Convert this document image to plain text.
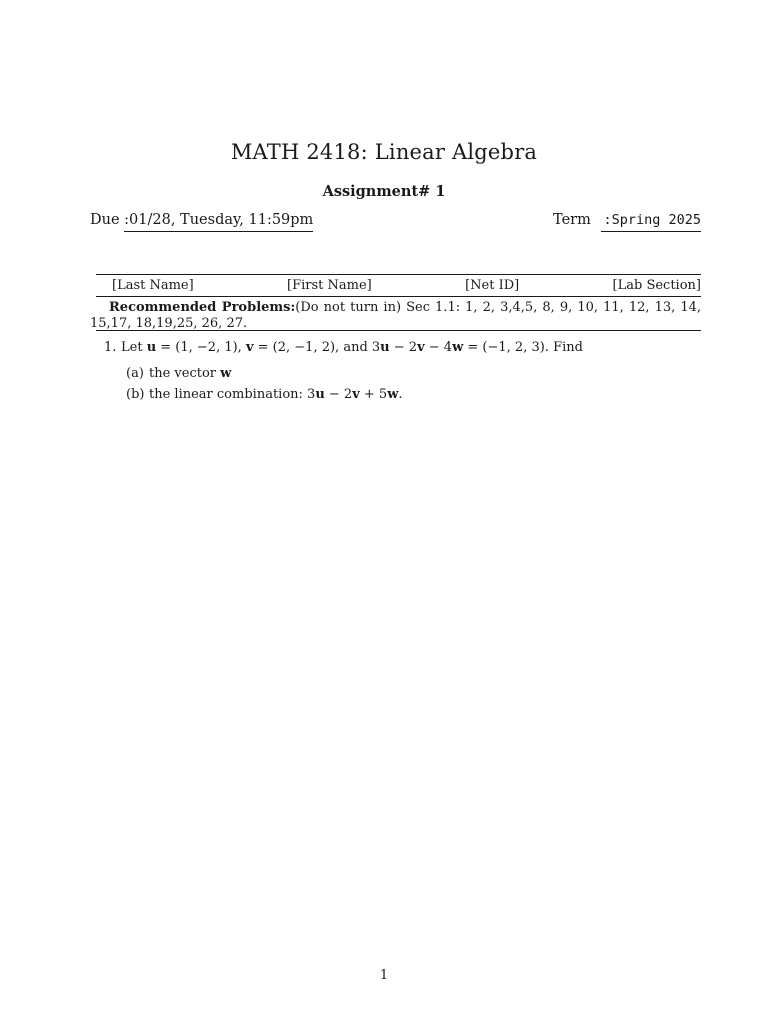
MATH 2418: Linear Algebra
Assignment# 1
Due :01/28, Tuesday, 11:59pm	Term :Spring 2025
[Last Name]	[First Name]	[Net ID]	[Lab Section]
Recommended Problems:(Do not turn in) Sec 1.1: 1, 2, 3,4,5, 8, 9, 10, 11, 12, 13, 14, 15,17, 18,19,25, 26, 27.
1. Let u = (1, −2, 1), v = (2, −1, 2), and 3u − 2v − 4w = (−1, 2, 3). Find
(a) the vector w
(b) the linear combination: 3u − 2v + 5w.
1
